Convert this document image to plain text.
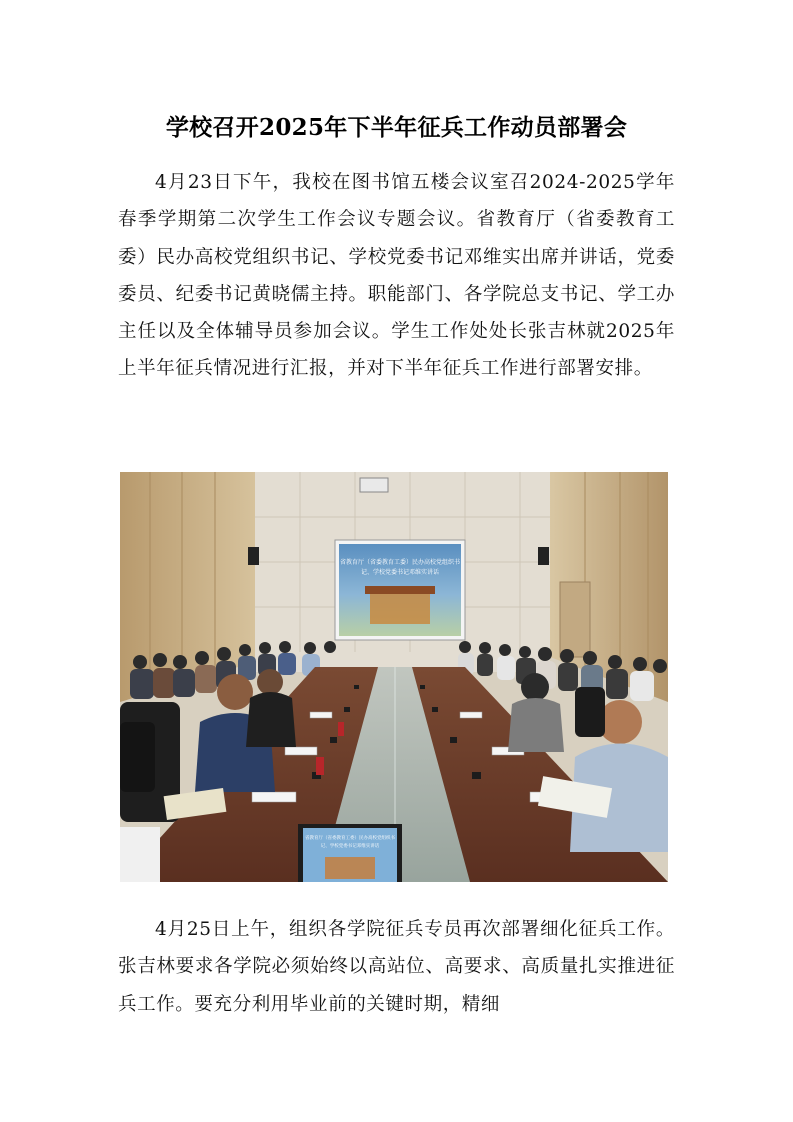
学校召开2025年下半年征兵工作动员部署会

4月23日下午，我校在图书馆五楼会议室召2024-2025学年春季学期第二次学生工作会议专题会议。省教育厅（省委教育工委）民办高校党组织书记、学校党委书记邓维实出席并讲话，党委委员、纪委书记黄晓儒主持。职能部门、各学院总支书记、学工办主任以及全体辅导员参加会议。学生工作处处长张吉林就2025年上半年征兵情况进行汇报，并对下半年征兵工作进行部署安排。

省教育厅（省委教育工委）民办高校党组织书
记、学校党委书记邓维实讲话
省教育厅（省委教育工委）民办高校党组织书
记、学校党委书记邓维实讲话

4月25日上午，组织各学院征兵专员再次部署细化征兵工作。张吉林要求各学院必须始终以高站位、高要求、高质量扎实推进征兵工作。要充分利用毕业前的关键时期，精细
